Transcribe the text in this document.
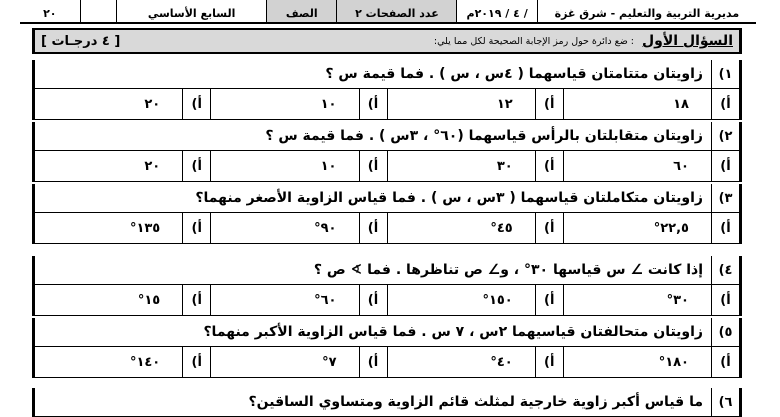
مديرية التربية والتعليم - شرق غزة
/ ٤ / ٢٠١٩م
عدد الصفحات ٢
الصف
السابع الأساسي
٢٠
السؤال الأول
: ضع دائرة حول رمز الإجابة الصحيحة لكل مما يلي:
[ ٤ درجـات ]
١)
زاويتان متتامتان قياسهما ( ٤س ، س ) . فما قيمة س ؟
أ)
١٨
أ)
١٢
أ)
١٠
أ)
٢٠
٢)
زاويتان متقابلتان بالرأس قياسهما (٦٠° ، ٣س ) . فما قيمة س ؟
أ)
٦٠
أ)
٣٠
أ)
١٠
أ)
٢٠
٣)
زاويتان متكاملتان قياسهما ( ٣س ، س ) . فما قياس الزاوية الأصغر منهما؟
أ)
٢٢,٥°
أ)
٤٥°
أ)
٩٠°
أ)
١٣٥°
٤)
إذا كانت ∠ س قياسها ٣٠° ، و∠ ص تناظرها . فما ∢ ص ؟
أ)
٣٠°
أ)
١٥٠°
أ)
٦٠°
أ)
١٥°
٥)
زاويتان متحالفتان قياسيهما ٢س ، ٧ س . فما قياس الزاوية الأكبر منهما؟
أ)
١٨٠°
أ)
٤٠°
أ)
٧°
أ)
١٤٠°
٦)
ما قياس أكبر زاوية خارجية لمثلث قائم الزاوية ومتساوي الساقين؟
